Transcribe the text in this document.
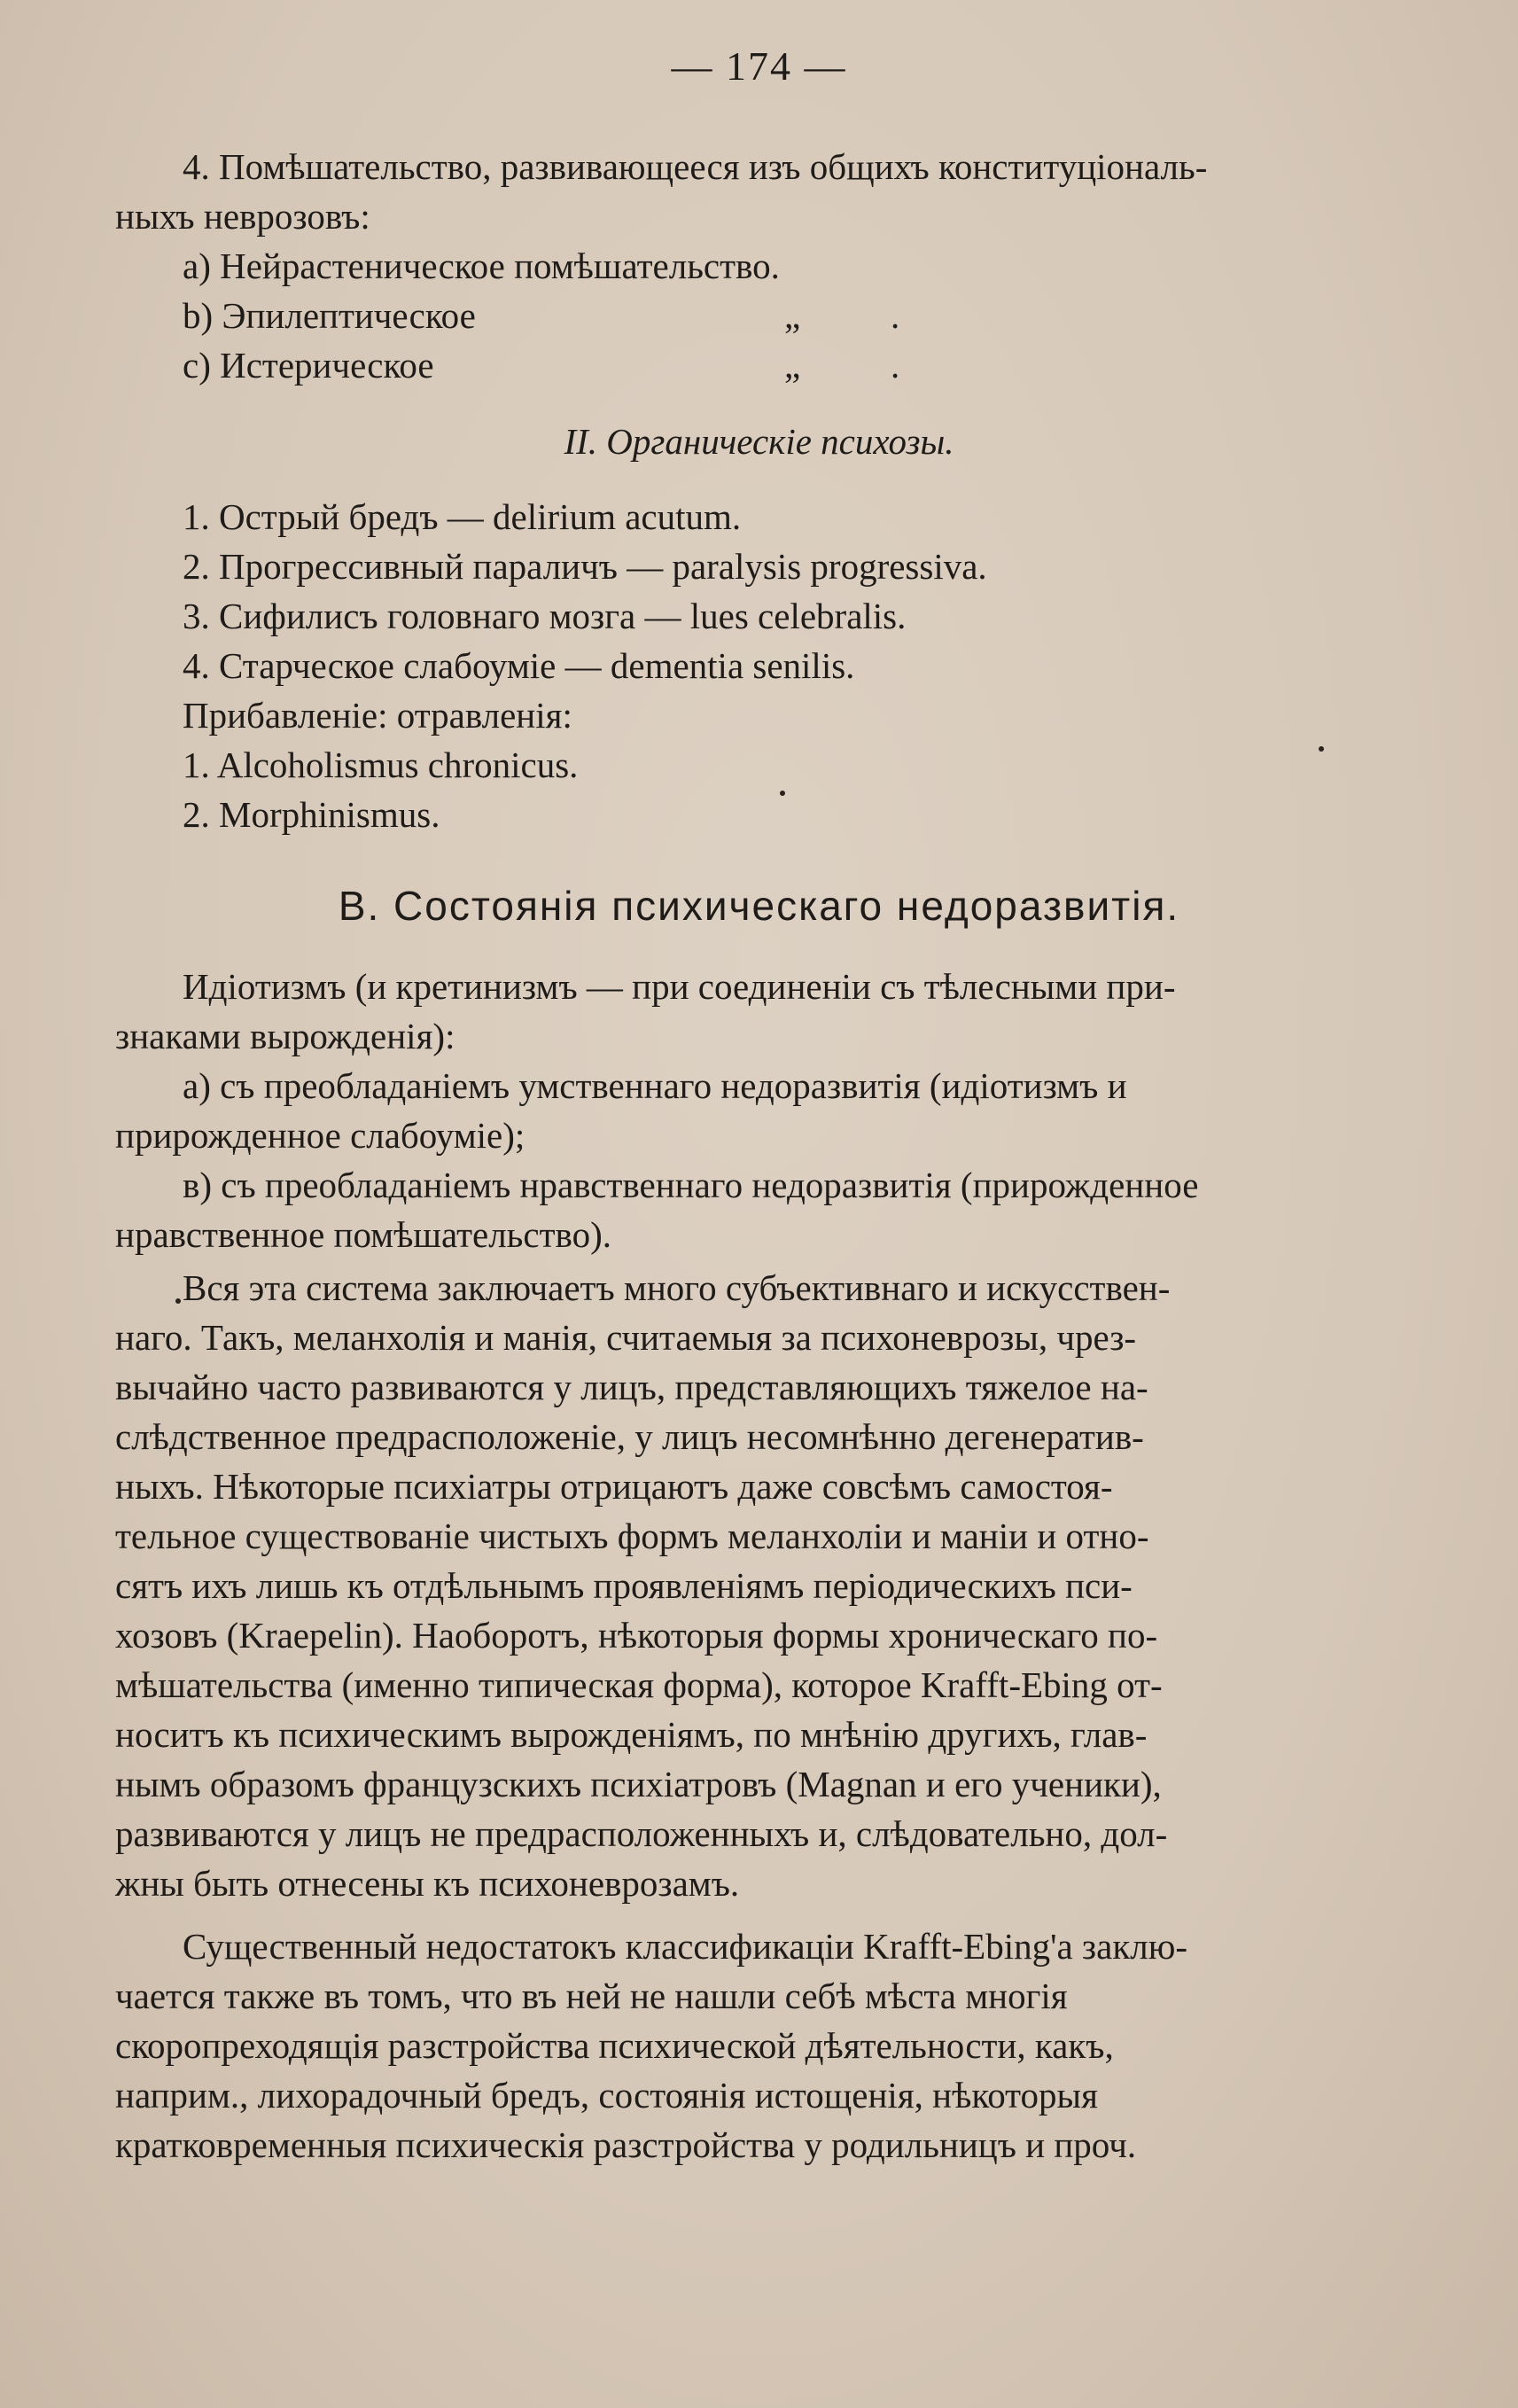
— 174 —
4. Помѣшательство, развивающееся изъ общихъ конституціональ-
ныхъ неврозовъ:
a) Нейрастеническое помѣшательство.
b) Эпилептическое	„ .
c) Истерическое	„ .
II. Органическіе психозы.
1. Острый бредъ — delirium acutum.
2. Прогрессивный параличъ — paralysis progressiva.
3. Сифилисъ головнаго мозга — lues celebralis.
4. Старческое слабоуміе — dementia senilis.
Прибавленіе: отравленія:
1. Alcoholismus chronicus.
2. Morphinismus.
B. Состоянія психическаго недоразвитія.
Идіотизмъ (и кретинизмъ — при соединеніи съ тѣлесными при-
знаками вырожденія):
a) съ преобладаніемъ умственнаго недоразвитія (идіотизмъ и
прирожденное слабоуміе);
в) съ преобладаніемъ нравственнаго недоразвитія (прирожденное
нравственное помѣшательство).
Вся эта система заключаетъ много субъективнаго и искусствен-
наго. Такъ, меланхолія и манія, считаемыя за психоневрозы, чрез-
вычайно часто развиваются у лицъ, представляющихъ тяжелое на-
слѣдственное предрасположеніе, у лицъ несомнѣнно дегенератив-
ныхъ. Нѣкоторые психіатры отрицаютъ даже совсѣмъ самостоя-
тельное существованіе чистыхъ формъ меланхоліи и маніи и отно-
сятъ ихъ лишь къ отдѣльнымъ проявленіямъ періодическихъ пси-
хозовъ (Kraepelin). Наоборотъ, нѣкоторыя формы хроническаго по-
мѣшательства (именно типическая форма), которое Krafft-Ebing от-
носитъ къ психическимъ вырожденіямъ, по мнѣнію другихъ, глав-
нымъ образомъ французскихъ психіатровъ (Magnan и его ученики),
развиваются у лицъ не предрасположенныхъ и, слѣдовательно, дол-
жны быть отнесены къ психоневрозамъ.
Существенный недостатокъ классификаціи Krafft-Ebing'a заклю-
чается также въ томъ, что въ ней не нашли себѣ мѣста многія
скоропреходящія разстройства психической дѣятельности, какъ,
наприм., лихорадочный бредъ, состоянія истощенія, нѣкоторыя
кратковременныя психическія разстройства у родильницъ и проч.
